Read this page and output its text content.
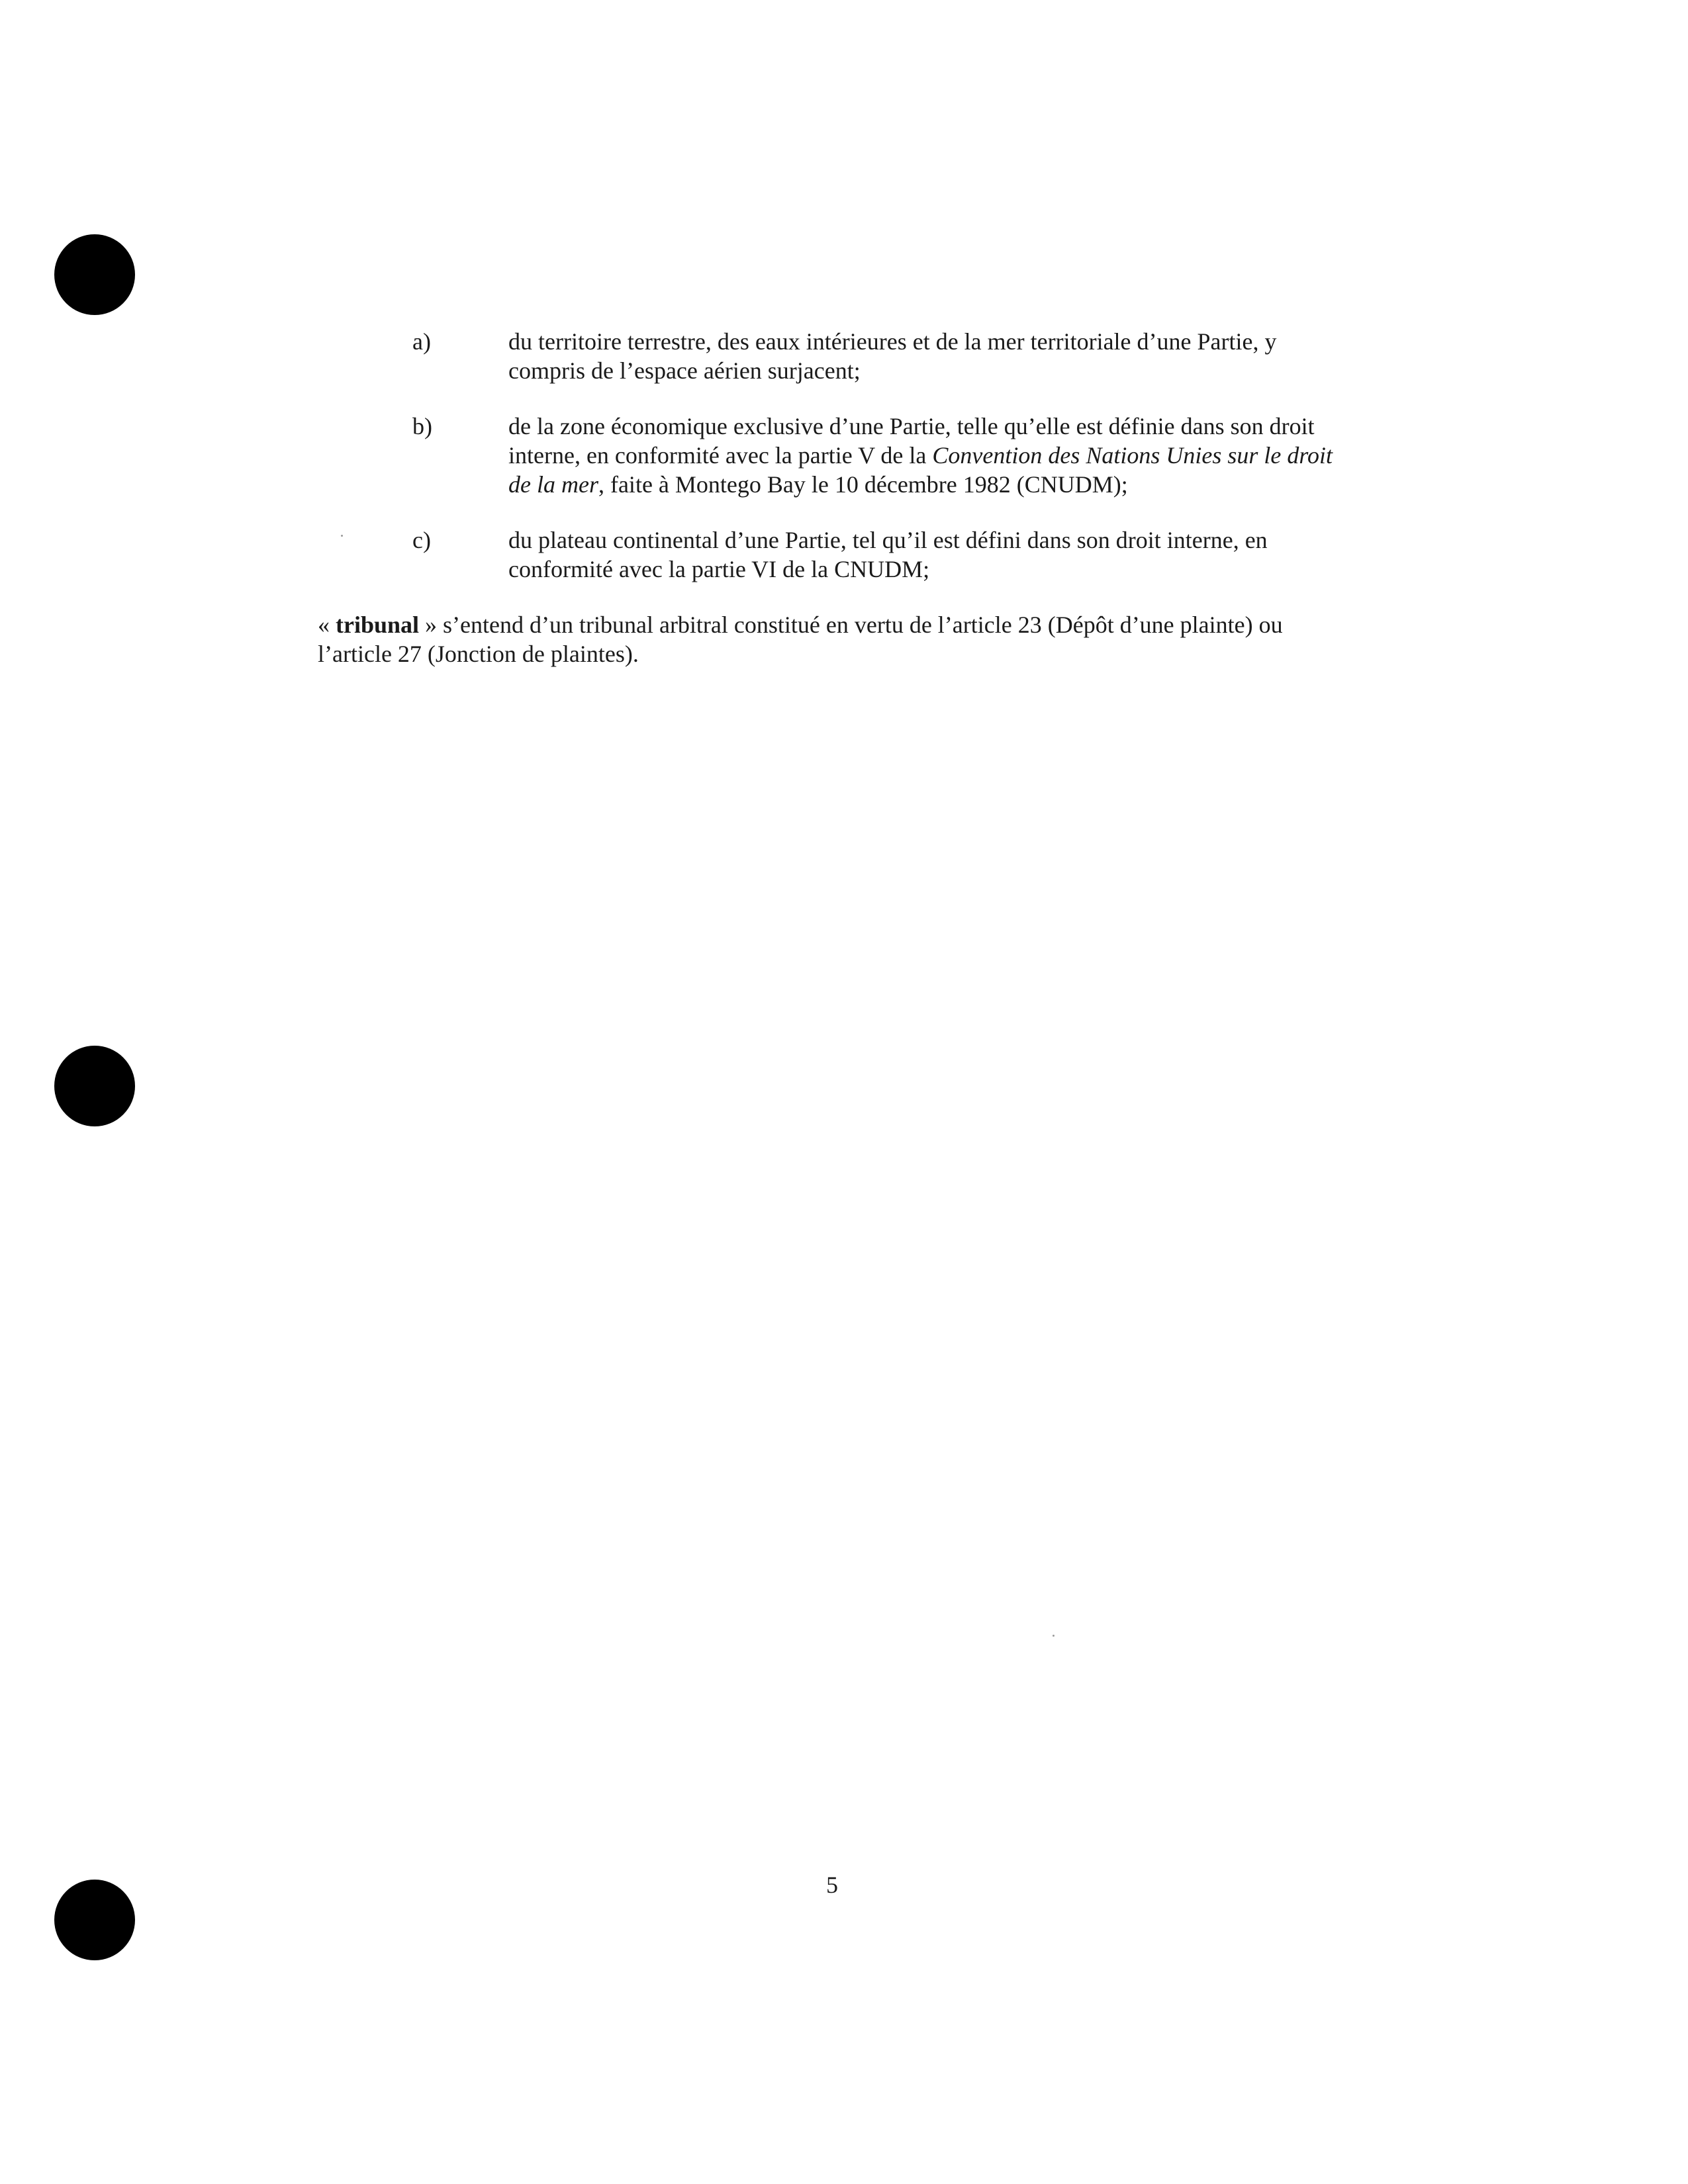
a)	du territoire terrestre, des eaux intérieures et de la mer territoriale d’une Partie, y compris de l’espace aérien surjacent;
b)	de la zone économique exclusive d’une Partie, telle qu’elle est définie dans son droit interne, en conformité avec la partie V de la Convention des Nations Unies sur le droit de la mer, faite à Montego Bay le 10 décembre 1982 (CNUDM);
c)	du plateau continental d’une Partie, tel qu’il est défini dans son droit interne, en conformité avec la partie VI de la CNUDM;

« tribunal » s’entend d’un tribunal arbitral constitué en vertu de l’article 23 (Dépôt d’une plainte) ou l’article 27 (Jonction de plaintes).

5
